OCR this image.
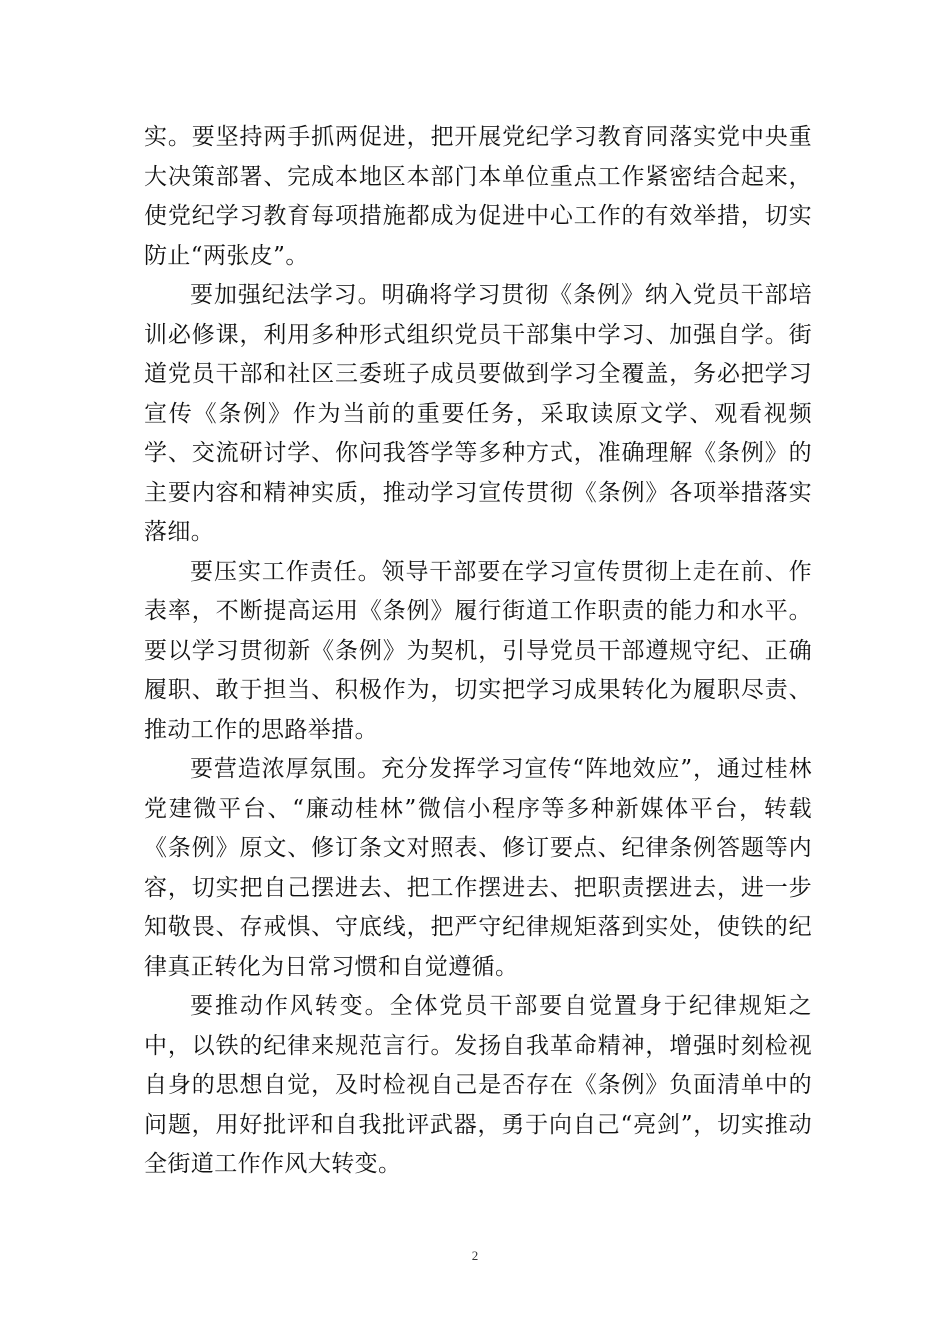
实。要坚持两手抓两促进，把开展党纪学习教育同落实党中央重大决策部署、完成本地区本部门本单位重点工作紧密结合起来，使党纪学习教育每项措施都成为促进中心工作的有效举措，切实防止“两张皮”。

要加强纪法学习。明确将学习贯彻《条例》纳入党员干部培训必修课，利用多种形式组织党员干部集中学习、加强自学。街道党员干部和社区三委班子成员要做到学习全覆盖，务必把学习宣传《条例》作为当前的重要任务，采取读原文学、观看视频学、交流研讨学、你问我答学等多种方式，准确理解《条例》的主要内容和精神实质，推动学习宣传贯彻《条例》各项举措落实落细。

要压实工作责任。领导干部要在学习宣传贯彻上走在前、作表率，不断提高运用《条例》履行街道工作职责的能力和水平。要以学习贯彻新《条例》为契机，引导党员干部遵规守纪、正确履职、敢于担当、积极作为，切实把学习成果转化为履职尽责、推动工作的思路举措。

要营造浓厚氛围。充分发挥学习宣传“阵地效应”，通过桂林党建微平台、“廉动桂林”微信小程序等多种新媒体平台，转载《条例》原文、修订条文对照表、修订要点、纪律条例答题等内容，切实把自己摆进去、把工作摆进去、把职责摆进去，进一步知敬畏、存戒惧、守底线，把严守纪律规矩落到实处，使铁的纪律真正转化为日常习惯和自觉遵循。

要推动作风转变。全体党员干部要自觉置身于纪律规矩之中，以铁的纪律来规范言行。发扬自我革命精神，增强时刻检视自身的思想自觉，及时检视自己是否存在《条例》负面清单中的问题，用好批评和自我批评武器，勇于向自己“亮剑”，切实推动全街道工作作风大转变。

2
